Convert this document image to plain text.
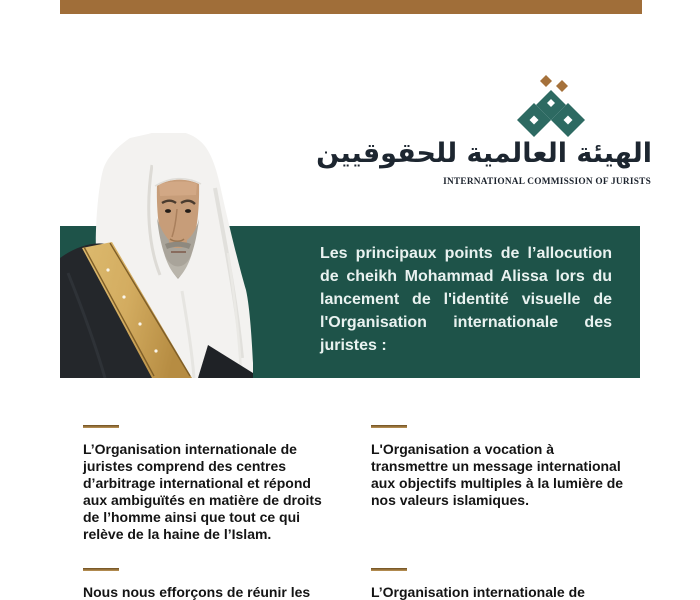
الهيئة العالمية للحقوقيين
INTERNATIONAL COMMISSION OF JURISTS
Les principaux points de l’allocution
de cheikh Mohammad Alissa lors du
lancement de l'identité visuelle de
l'Organisation internationale des
juristes :
L’Organisation internationale de
juristes comprend des centres
d’arbitrage international et répond
aux ambiguïtés en matière de droits
de l’homme ainsi que tout ce qui
relève de la haine de l’Islam.
L'Organisation a vocation à
transmettre un message international
aux objectifs multiples à la lumière de
nos valeurs islamiques.
Nous nous efforçons de réunir les	L’Organisation internationale de
